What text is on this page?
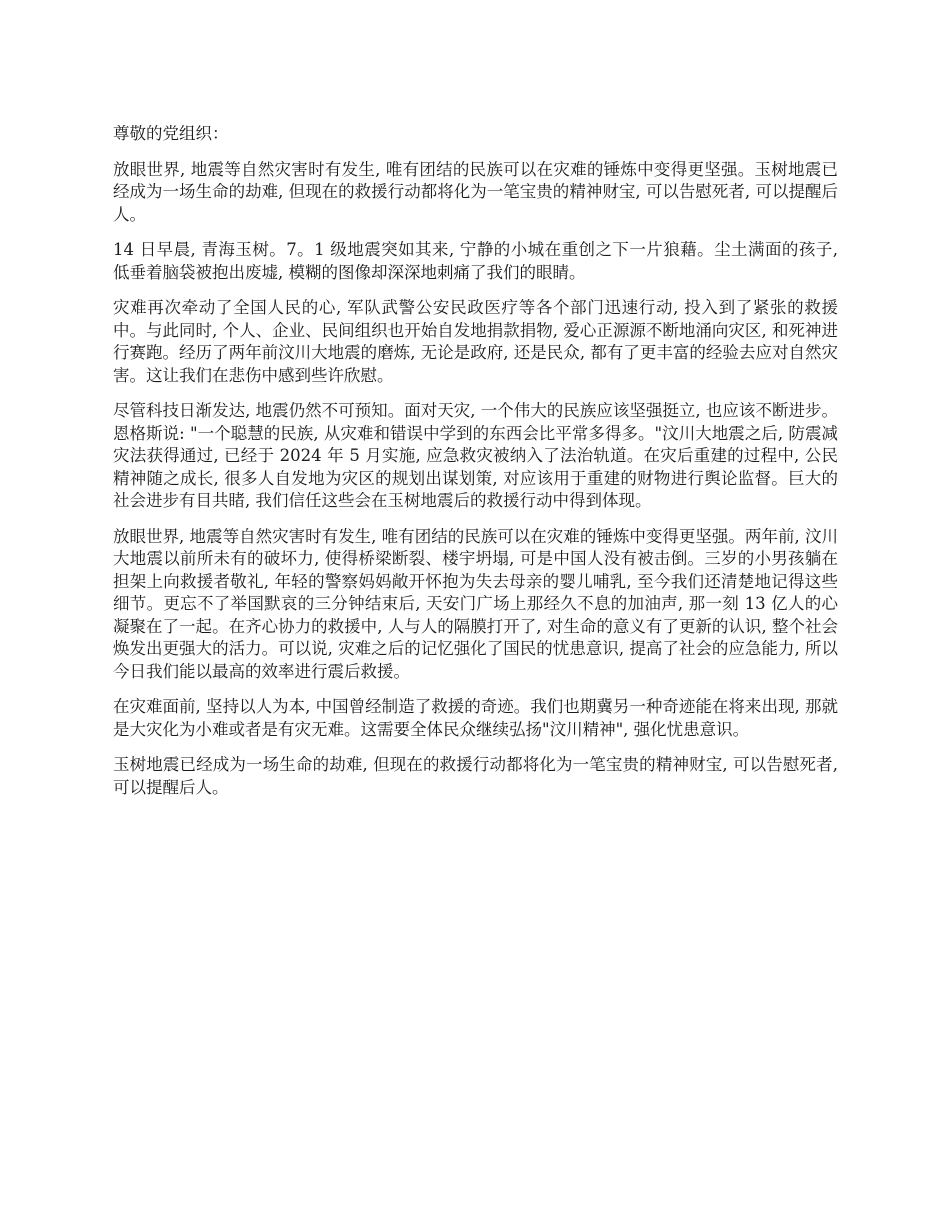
尊敬的党组织：

放眼世界, 地震等自然灾害时有发生, 唯有团结的民族可以在灾难的锤炼中变得更坚强。玉树地震已经成为一场生命的劫难, 但现在的救援行动都将化为一笔宝贵的精神财宝, 可以告慰死者, 可以提醒后人。

14 日早晨, 青海玉树。7。1 级地震突如其来, 宁静的小城在重创之下一片狼藉。尘土满面的孩子, 低垂着脑袋被抱出废墟, 模糊的图像却深深地刺痛了我们的眼睛。

灾难再次牵动了全国人民的心, 军队武警公安民政医疗等各个部门迅速行动, 投入到了紧张的救援中。与此同时, 个人、企业、民间组织也开始自发地捐款捐物, 爱心正源源不断地涌向灾区, 和死神进行赛跑。经历了两年前汶川大地震的磨炼, 无论是政府, 还是民众, 都有了更丰富的经验去应对自然灾害。这让我们在悲伤中感到些许欣慰。

尽管科技日渐发达, 地震仍然不可预知。面对天灾, 一个伟大的民族应该坚强挺立, 也应该不断进步。恩格斯说: "一个聪慧的民族, 从灾难和错误中学到的东西会比平常多得多。"汶川大地震之后, 防震减灾法获得通过, 已经于 2024 年 5 月实施, 应急救灾被纳入了法治轨道。在灾后重建的过程中, 公民精神随之成长, 很多人自发地为灾区的规划出谋划策, 对应该用于重建的财物进行舆论监督。巨大的社会进步有目共睹, 我们信任这些会在玉树地震后的救援行动中得到体现。

放眼世界, 地震等自然灾害时有发生, 唯有团结的民族可以在灾难的锤炼中变得更坚强。两年前, 汶川大地震以前所未有的破坏力, 使得桥梁断裂、楼宇坍塌, 可是中国人没有被击倒。三岁的小男孩躺在担架上向救援者敬礼, 年轻的警察妈妈敞开怀抱为失去母亲的婴儿哺乳, 至今我们还清楚地记得这些细节。更忘不了举国默哀的三分钟结束后, 天安门广场上那经久不息的加油声, 那一刻 13 亿人的心凝聚在了一起。在齐心协力的救援中, 人与人的隔膜打开了, 对生命的意义有了更新的认识, 整个社会焕发出更强大的活力。可以说, 灾难之后的记忆强化了国民的忧患意识, 提高了社会的应急能力, 所以今日我们能以最高的效率进行震后救援。

在灾难面前, 坚持以人为本, 中国曾经制造了救援的奇迹。我们也期冀另一种奇迹能在将来出现, 那就是大灾化为小难或者是有灾无难。这需要全体民众继续弘扬"汶川精神", 强化忧患意识。

玉树地震已经成为一场生命的劫难, 但现在的救援行动都将化为一笔宝贵的精神财宝, 可以告慰死者, 可以提醒后人。
